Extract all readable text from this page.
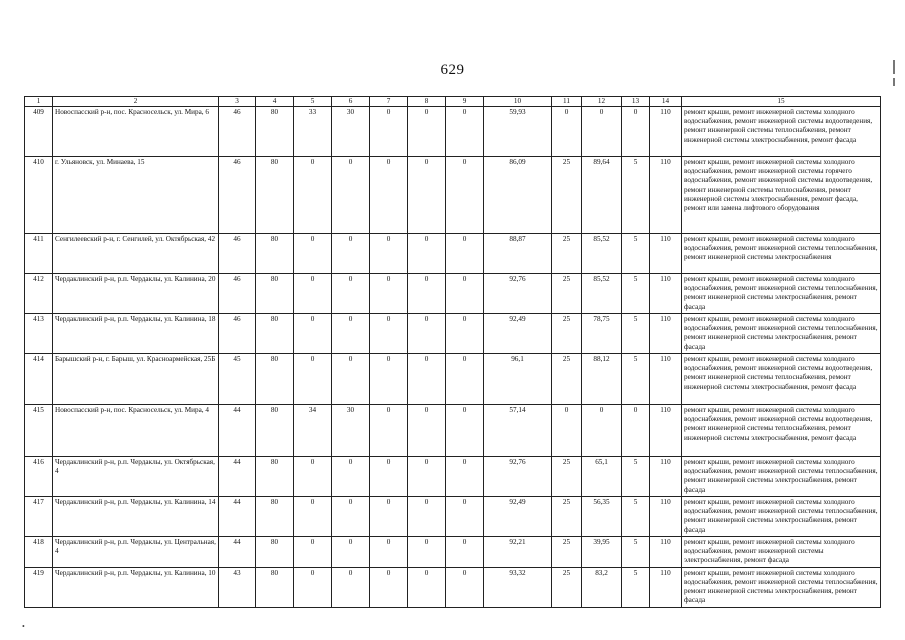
629
•
1	2	3	4	5	6	7	8	9	10	11	12	13	14	15
409	Новоспасский р-н, пос. Красносельск, ул. Мира, 6	46	80	33	30	0	0	0	59,93	0	0	0	110	ремонт крыши, ремонт инженерной системы холодного водоснабжения, ремонт инженерной системы водоотведения, ремонт инженерной системы теплоснабжения, ремонт инженерной системы электроснабжения, ремонт фасада
410	г. Ульяновск, ул. Минаева, 15	46	80	0	0	0	0	0	86,09	25	89,64	5	110	ремонт крыши, ремонт инженерной системы холодного водоснабжения, ремонт инженерной системы горячего водоснабжения, ремонт инженерной системы водоотведения, ремонт инженерной системы теплоснабжения, ремонт инженерной системы электроснабжения, ремонт фасада, ремонт или замена лифтового оборудования
411	Сенгилеевский р-н, г. Сенгилей, ул. Октябрьская, 42	46	80	0	0	0	0	0	88,87	25	85,52	5	110	ремонт крыши, ремонт инженерной системы холодного водоснабжения, ремонт инженерной системы теплоснабжения, ремонт инженерной системы электроснабжения
412	Чердаклинский р-н, р.п. Чердаклы, ул. Калинина, 20	46	80	0	0	0	0	0	92,76	25	85,52	5	110	ремонт крыши, ремонт инженерной системы холодного водоснабжения, ремонт инженерной системы теплоснабжения, ремонт инженерной системы электроснабжения, ремонт фасада
413	Чердаклинский р-н, р.п. Чердаклы, ул. Калинина, 18	46	80	0	0	0	0	0	92,49	25	78,75	5	110	ремонт крыши, ремонт инженерной системы холодного водоснабжения, ремонт инженерной системы теплоснабжения, ремонт инженерной системы электроснабжения, ремонт фасада
414	Барышский р-н, г. Барыш, ул. Красноармейская, 25Б	45	80	0	0	0	0	0	96,1	25	88,12	5	110	ремонт крыши, ремонт инженерной системы холодного водоснабжения, ремонт инженерной системы водоотведения, ремонт инженерной системы теплоснабжения, ремонт инженерной системы электроснабжения, ремонт фасада
415	Новоспасский р-н, пос. Красносельск, ул. Мира, 4	44	80	34	30	0	0	0	57,14	0	0	0	110	ремонт крыши, ремонт инженерной системы холодного водоснабжения, ремонт инженерной системы водоотведения, ремонт инженерной системы теплоснабжения, ремонт инженерной системы электроснабжения, ремонт фасада
416	Чердаклинский р-н, р.п. Чердаклы, ул. Октябрьская, 4	44	80	0	0	0	0	0	92,76	25	65,1	5	110	ремонт крыши, ремонт инженерной системы холодного водоснабжения, ремонт инженерной системы теплоснабжения, ремонт инженерной системы электроснабжения, ремонт фасада
417	Чердаклинский р-н, р.п. Чердаклы, ул. Калинина, 14	44	80	0	0	0	0	0	92,49	25	56,35	5	110	ремонт крыши, ремонт инженерной системы холодного водоснабжения, ремонт инженерной системы теплоснабжения, ремонт инженерной системы электроснабжения, ремонт фасада
418	Чердаклинский р-н, р.п. Чердаклы, ул. Центральная, 4	44	80	0	0	0	0	0	92,21	25	39,95	5	110	ремонт крыши, ремонт инженерной системы холодного водоснабжения, ремонт инженерной системы электроснабжения, ремонт фасада
419	Чердаклинский р-н, р.п. Чердаклы, ул. Калинина, 10	43	80	0	0	0	0	0	93,32	25	83,2	5	110	ремонт крыши, ремонт инженерной системы холодного водоснабжения, ремонт инженерной системы теплоснабжения, ремонт инженерной системы электроснабжения, ремонт фасада
